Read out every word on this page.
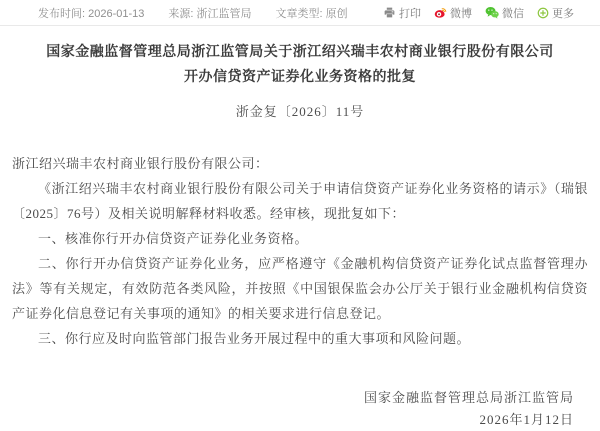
发布时间: 2026-01-13 来源: 浙江监管局 文章类型: 原创	打印	微博	微信	更多
国家金融监督管理总局浙江监管局关于浙江绍兴瑞丰农村商业银行股份有限公司
开办信贷资产证券化业务资格的批复
浙金复〔2026〕11号

浙江绍兴瑞丰农村商业银行股份有限公司：

《浙江绍兴瑞丰农村商业银行股份有限公司关于申请信贷资产证券化业务资格的请示》（瑞银〔2025〕76号）及相关说明解释材料收悉。经审核，现批复如下：

一、核准你行开办信贷资产证券化业务资格。

二、你行开办信贷资产证券化业务，应严格遵守《金融机构信贷资产证券化试点监督管理办法》等有关规定，有效防范各类风险，并按照《中国银保监会办公厅关于银行业金融机构信贷资产证券化信息登记有关事项的通知》的相关要求进行信息登记。

三、你行应及时向监管部门报告业务开展过程中的重大事项和风险问题。

国家金融监督管理总局浙江监管局
2026年1月12日
